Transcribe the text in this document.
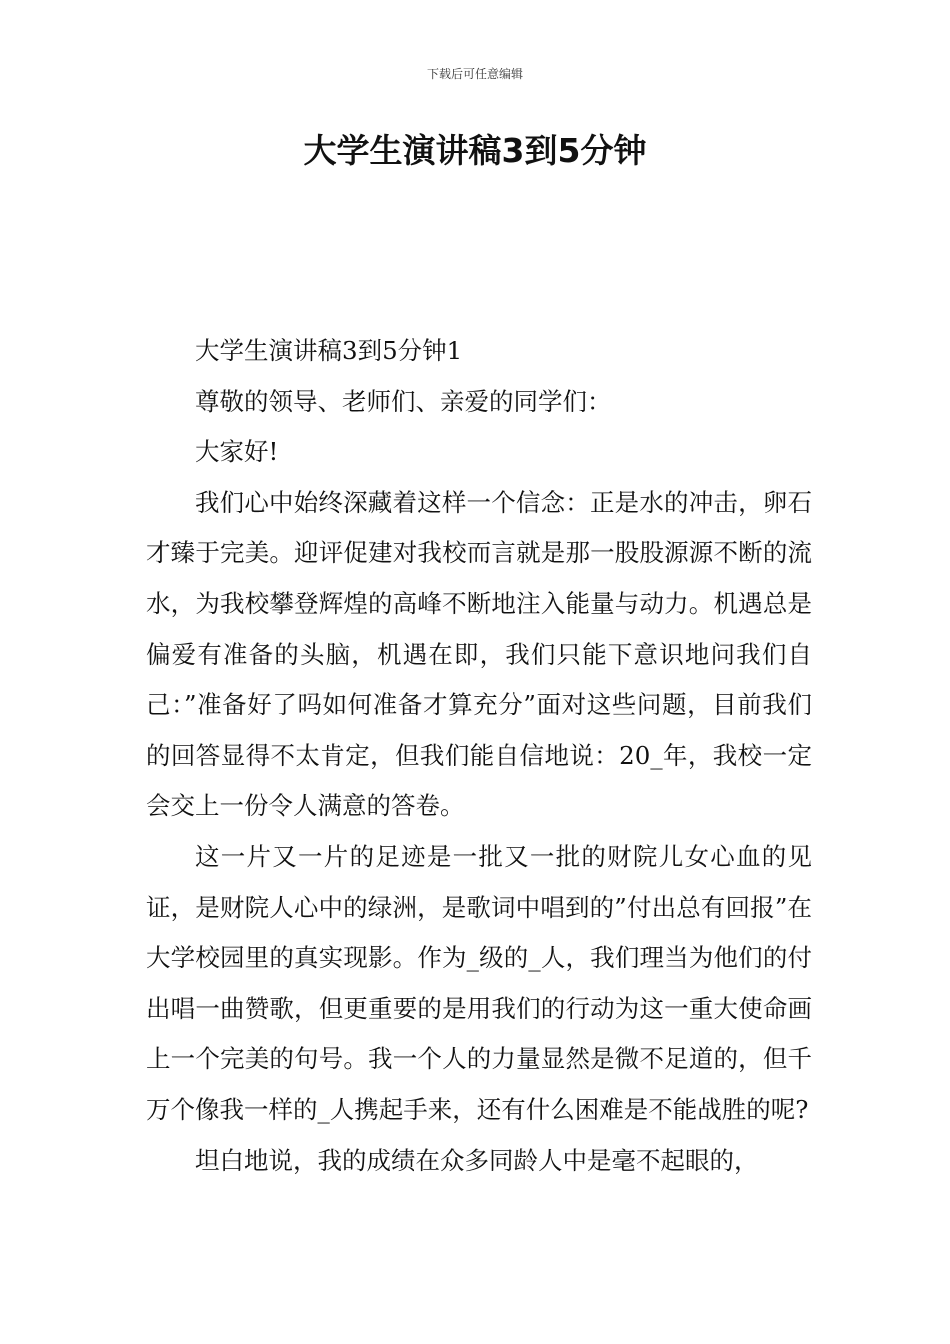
下载后可任意编辑
大学生演讲稿3到5分钟

大学生演讲稿3到5分钟1

尊敬的领导、老师们、亲爱的同学们：

大家好!

我们心中始终深藏着这样一个信念：正是水的冲击，卵石才臻于完美。迎评促建对我校而言就是那一股股源源不断的流水，为我校攀登辉煌的高峰不断地注入能量与动力。机遇总是偏爱有准备的头脑，机遇在即，我们只能下意识地问我们自己：”准备好了吗如何准备才算充分”面对这些问题，目前我们的回答显得不太肯定，但我们能自信地说：20_年，我校一定会交上一份令人满意的答卷。

这一片又一片的足迹是一批又一批的财院儿女心血的见证，是财院人心中的绿洲，是歌词中唱到的”付出总有回报”在大学校园里的真实现影。作为_级的_人，我们理当为他们的付出唱一曲赞歌，但更重要的是用我们的行动为这一重大使命画上一个完美的句号。我一个人的力量显然是微不足道的，但千万个像我一样的_人携起手来，还有什么困难是不能战胜的呢?

坦白地说，我的成绩在众多同龄人中是毫不起眼的，
